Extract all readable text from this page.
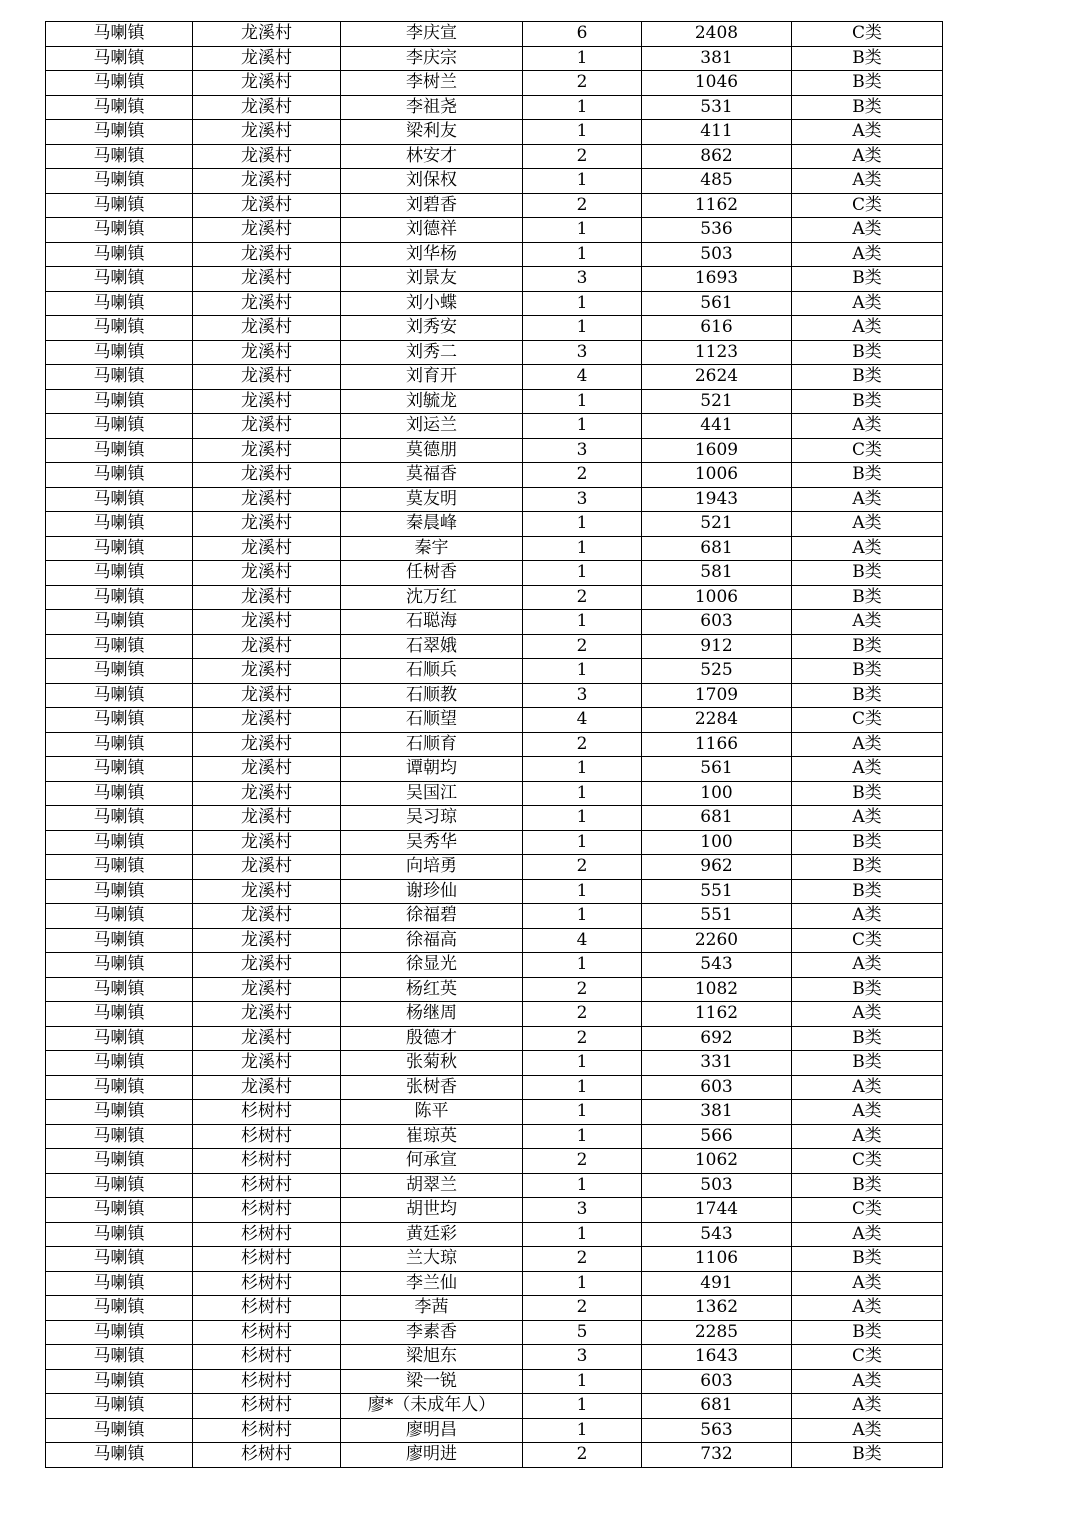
马喇镇	龙溪村	李庆宣	6	2408	C类
马喇镇	龙溪村	李庆宗	1	381	B类
马喇镇	龙溪村	李树兰	2	1046	B类
马喇镇	龙溪村	李祖尧	1	531	B类
马喇镇	龙溪村	梁利友	1	411	A类
马喇镇	龙溪村	林安才	2	862	A类
马喇镇	龙溪村	刘保权	1	485	A类
马喇镇	龙溪村	刘碧香	2	1162	C类
马喇镇	龙溪村	刘德祥	1	536	A类
马喇镇	龙溪村	刘华杨	1	503	A类
马喇镇	龙溪村	刘景友	3	1693	B类
马喇镇	龙溪村	刘小蝶	1	561	A类
马喇镇	龙溪村	刘秀安	1	616	A类
马喇镇	龙溪村	刘秀二	3	1123	B类
马喇镇	龙溪村	刘育开	4	2624	B类
马喇镇	龙溪村	刘毓龙	1	521	B类
马喇镇	龙溪村	刘运兰	1	441	A类
马喇镇	龙溪村	莫德朋	3	1609	C类
马喇镇	龙溪村	莫福香	2	1006	B类
马喇镇	龙溪村	莫友明	3	1943	A类
马喇镇	龙溪村	秦晨峰	1	521	A类
马喇镇	龙溪村	秦宇	1	681	A类
马喇镇	龙溪村	任树香	1	581	B类
马喇镇	龙溪村	沈万红	2	1006	B类
马喇镇	龙溪村	石聪海	1	603	A类
马喇镇	龙溪村	石翠娥	2	912	B类
马喇镇	龙溪村	石顺兵	1	525	B类
马喇镇	龙溪村	石顺教	3	1709	B类
马喇镇	龙溪村	石顺望	4	2284	C类
马喇镇	龙溪村	石顺育	2	1166	A类
马喇镇	龙溪村	谭朝均	1	561	A类
马喇镇	龙溪村	吴国江	1	100	B类
马喇镇	龙溪村	吴习琼	1	681	A类
马喇镇	龙溪村	吴秀华	1	100	B类
马喇镇	龙溪村	向培勇	2	962	B类
马喇镇	龙溪村	谢珍仙	1	551	B类
马喇镇	龙溪村	徐福碧	1	551	A类
马喇镇	龙溪村	徐福高	4	2260	C类
马喇镇	龙溪村	徐显光	1	543	A类
马喇镇	龙溪村	杨红英	2	1082	B类
马喇镇	龙溪村	杨继周	2	1162	A类
马喇镇	龙溪村	殷德才	2	692	B类
马喇镇	龙溪村	张菊秋	1	331	B类
马喇镇	龙溪村	张树香	1	603	A类
马喇镇	杉树村	陈平	1	381	A类
马喇镇	杉树村	崔琼英	1	566	A类
马喇镇	杉树村	何承宣	2	1062	C类
马喇镇	杉树村	胡翠兰	1	503	B类
马喇镇	杉树村	胡世均	3	1744	C类
马喇镇	杉树村	黄廷彩	1	543	A类
马喇镇	杉树村	兰大琼	2	1106	B类
马喇镇	杉树村	李兰仙	1	491	A类
马喇镇	杉树村	李茜	2	1362	A类
马喇镇	杉树村	李素香	5	2285	B类
马喇镇	杉树村	梁旭东	3	1643	C类
马喇镇	杉树村	梁一锐	1	603	A类
马喇镇	杉树村	廖*（未成年人）	1	681	A类
马喇镇	杉树村	廖明昌	1	563	A类
马喇镇	杉树村	廖明进	2	732	B类
